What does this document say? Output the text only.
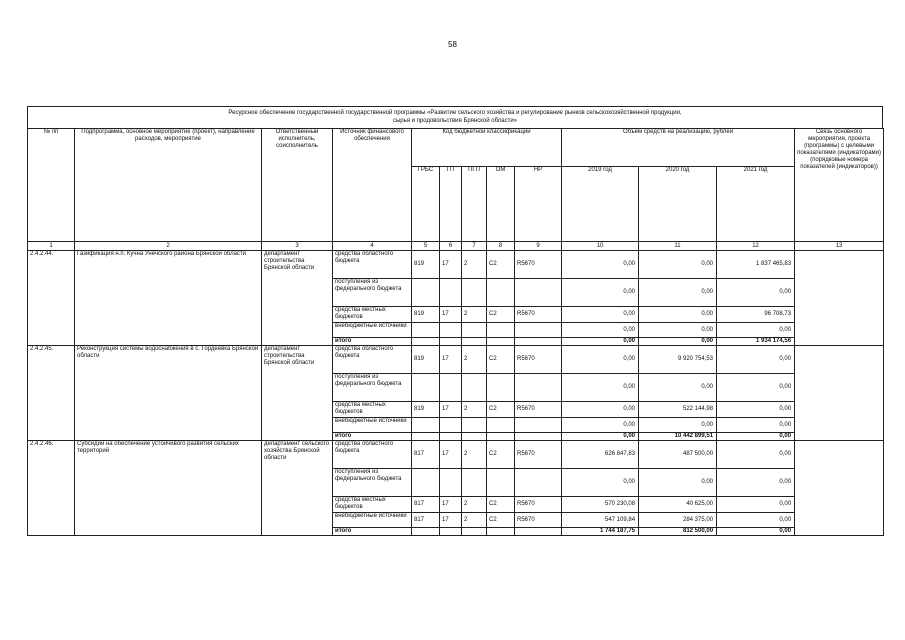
58
Ресурсное обеспечение государственной государственной программы «Развитие сельского хозяйства и регулирование рынков сельскохозяйственной продукции,
сырья и продовольствия Брянской области»
№ пп	Подпрограмма, основное мероприятие (проект), направление расходов, мероприятие	Ответственный исполнитель, соисполнитель	Источник финансового обеспечения	Код бюджетной классификации					Объём средств на реализацию, рублей			Связь основного мероприятия, проекта (программы) с целевыми показателями (индикаторами) (порядковые номера показателей (индикаторов))
				ГРБС	ГП	ПГП	ОМ	НР	2019 год	2020 год	2021 год	
1	2	3	4	5	6	7	8	9	10	11	12	13
2.4.2.44.	Газификация н.п. Кучна Унечского района Брянской области	департамент строительства Брянской области	средства областного бюджета	819	17	2	С2	R5670	0,00	0,00	1 837 465,83	
			поступления из федерального бюджета						0,00	0,00	0,00	
			средства местных бюджетов	819	17	2	С2	R5670	0,00	0,00	96 708,73	
			внебюджетные источники						0,00	0,00	0,00	
			итого						0,00	0,00	1 934 174,56	
2.4.2.45.	Реконструкция системы водоснабжения в с. Гордеевка Брянской области	департамент строительства Брянской области	средства областного бюджета	819	17	2	С2	R5670	0,00	9 920 754,53	0,00	
			поступления из федерального бюджета						0,00	0,00	0,00	
			средства местных бюджетов	819	17	2	С2	R5670	0,00	522 144,98	0,00	
			внебюджетные источники						0,00	0,00	0,00	
			итого						0,00	10 442 899,51	0,00	
2.4.2.46.	Субсидии на обеспечение устойчивого развития сельских территорий	департамент сельского хозяйства Брянской области	средства областного бюджета	817	17	2	С2	R5670	626 847,83	487 500,00	0,00	
			поступления из федерального бюджета						0,00	0,00	0,00	
			средства местных бюджетов	817	17	2	С2	R5670	570 230,08	40 625,00	0,00	
			внебюджетные источники	817	17	2	С2	R5670	547 109,84	284 375,00	0,00	
			итого						1 744 187,75	812 500,00	0,00	
